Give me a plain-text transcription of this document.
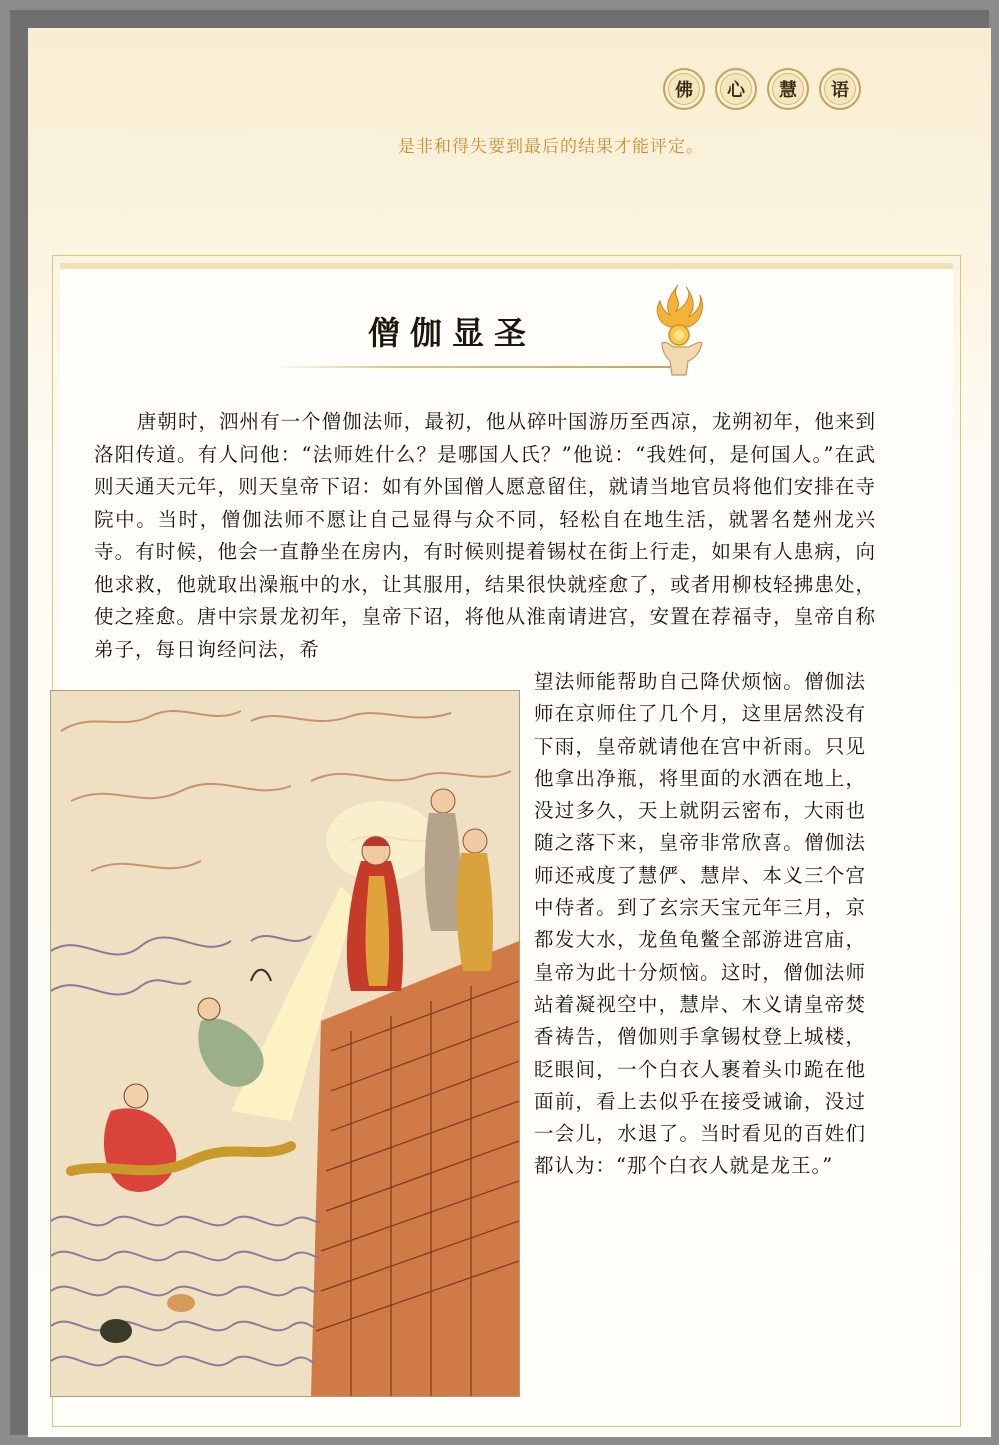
佛	心	慧	语
是非和得失要到最后的结果才能评定。
僧伽显圣

唐朝时，泗州有一个僧伽法师，最初，他从碎叶国游历至西凉，龙朔初年，他来到洛阳传道。有人问他：“法师姓什么？是哪国人氏？”他说：“我姓何，是何国人。”在武则天通天元年，则天皇帝下诏：如有外国僧人愿意留住，就请当地官员将他们安排在寺院中。当时，僧伽法师不愿让自己显得与众不同，轻松自在地生活，就署名楚州龙兴寺。有时候，他会一直静坐在房内，有时候则提着锡杖在街上行走，如果有人患病，向他求救，他就取出澡瓶中的水，让其服用，结果很快就痊愈了，或者用柳枝轻拂患处，使之痊愈。唐中宗景龙初年，皇帝下诏，将他从淮南请进宫，安置在荐福寺，皇帝自称弟子，每日询经问法，希

望法师能帮助自己降伏烦恼。僧伽法师在京师住了几个月，这里居然没有下雨，皇帝就请他在宫中祈雨。只见他拿出净瓶，将里面的水洒在地上，没过多久，天上就阴云密布，大雨也随之落下来，皇帝非常欣喜。僧伽法师还戒度了慧俨、慧岸、本义三个宫中侍者。到了玄宗天宝元年三月，京都发大水，龙鱼龟鳖全部游进宫庙，皇帝为此十分烦恼。这时，僧伽法师站着凝视空中，慧岸、木义请皇帝焚香祷告，僧伽则手拿锡杖登上城楼，眨眼间，一个白衣人裹着头巾跪在他面前，看上去似乎在接受诫谕，没过一会儿，水退了。当时看见的百姓们都认为：“那个白衣人就是龙王。”
